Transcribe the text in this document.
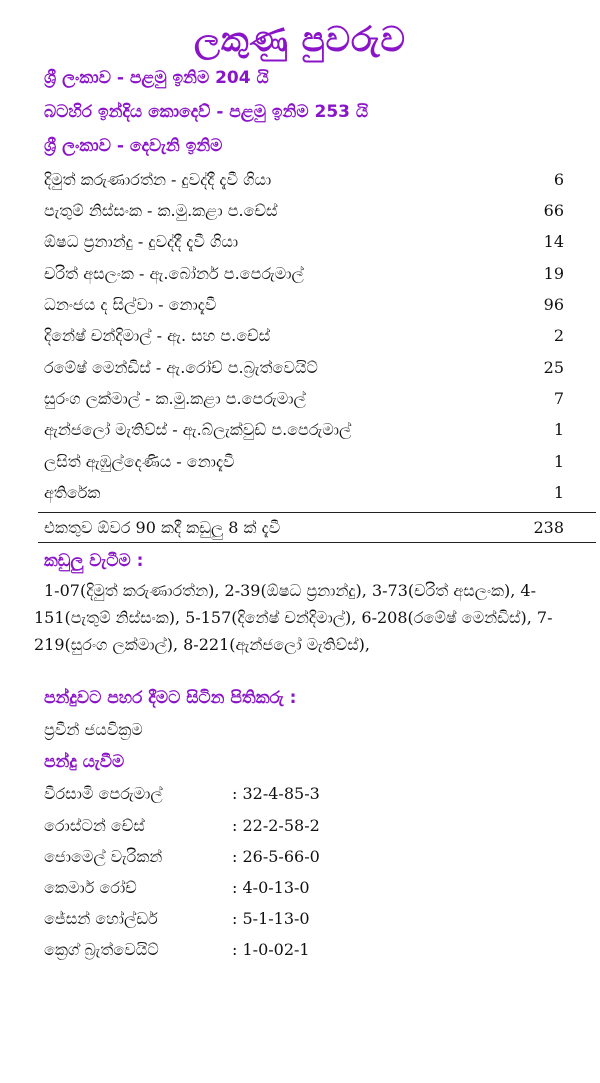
ලකුණු පුවරුව
ශ්‍රී ලංකාව - පළමු ඉනිම 204 යි
බටහිර ඉන්දිය කොදෙව් - පළමු ඉනිම 253 යි
ශ්‍රී ලංකාව - දෙවැනි ඉනිම
දිමුත් කරුණාරත්න - දුවද්දී දැවී ගියා	6
පැතුම් නිස්සංක - ක.මු.කළා ප.චේස්	66
ඕෂධ ප්‍රනාන්දු - දුවද්දී දැවී ගියා	14
චරිත් අසලංක - ඇ.බෝනර් ප.පෙරුමාල්	19
ධනංජය ද සිල්වා - නොදැවී	96
දිනේෂ් චන්දිමාල් - ඇ. සහ ප.චේස්	2
රමේෂ් මෙන්ඩිස් - ඇ.රෝච් ප.බ්‍රැත්වෙයිට්	25
සුරංග ලක්මාල් - ක.මු.කළා ප.පෙරුමාල්	7
ඇන්ජලෝ මැතිව්ස් - ඇ.බ්ලැක්වුඩ් ප.පෙරුමාල්	1
ලසිත් ඇඹුල්දෙණිය - නොදැවී	1
අතිරේක	1
එකතුව ඕවර 90 කදී කඩුලු 8 ක් දැවී	238
කඩුලු වැටීම :
1-07(දිමුත් කරුණාරත්න), 2-39(ඕෂධ ප්‍රනාන්දු), 3-73(චරිත් අසලංක), 4-151(පැතුම් නිස්සංක), 5-157(දිනේෂ් චන්දිමාල්), 6-208(රමේෂ් මෙන්ඩිස්), 7-219(සුරංග ලක්මාල්), 8-221(ඇන්ජලෝ මැතිව්ස්),
පන්දුවට පහර දීමට සිටින පිතිකරු :
ප්‍රවීන් ජයවික්‍රම
පන්දු යැවීම
වීරසාමි පෙරුමාල්	: 32-4-85-3
රොස්ටන් චේස්	: 22-2-58-2
ජොමෙල් වැරිකන්	: 26-5-66-0
කෙමාර් රෝච්	: 4-0-13-0
ජේසන් හෝල්ඩර්	: 5-1-13-0
ක්‍රෙග් බ්‍රැත්වෙයිට්	: 1-0-02-1
